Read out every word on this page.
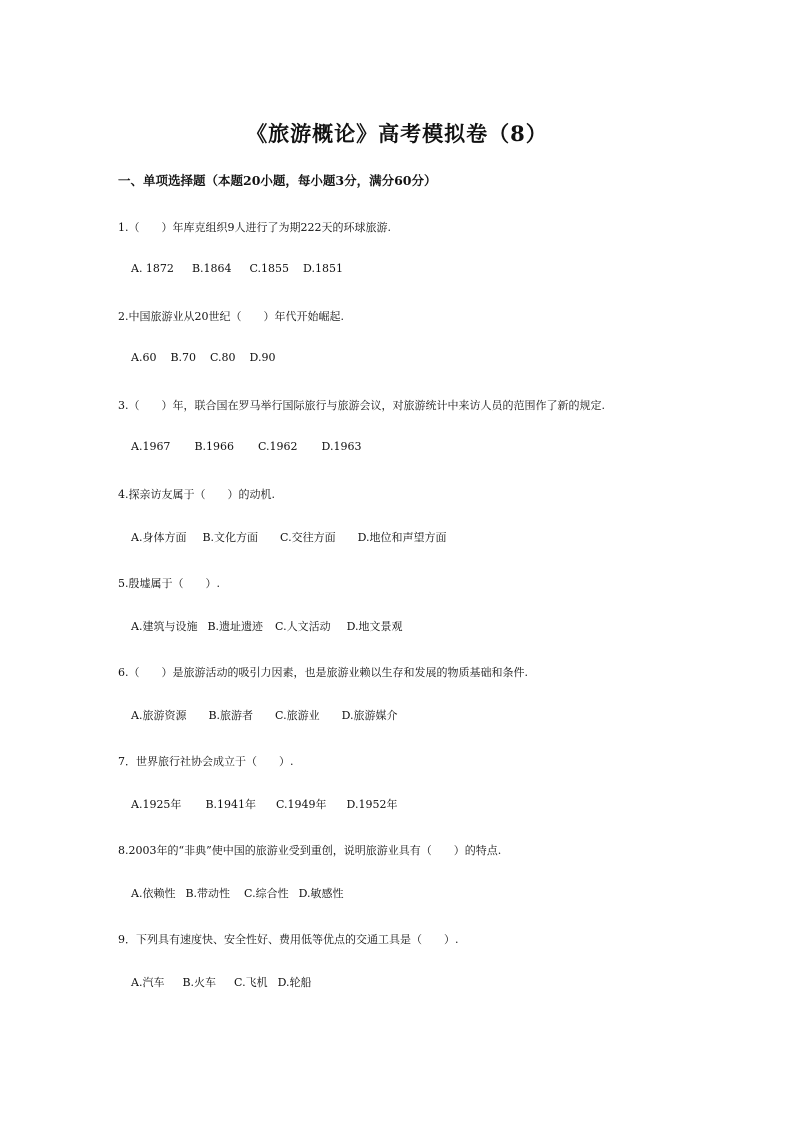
《旅游概论》高考模拟卷（8）
一、单项选择题（本题20小题，每小题3分，满分60分）
1.（　　）年库克组织9人进行了为期222天的环球旅游.
A. 1872 B.1864 C.1855 D.1851
2.中国旅游业从20世纪（　　）年代开始崛起.
A.60 B.70 C.80 D.90
3.（　　）年，联合国在罗马举行国际旅行与旅游会议，对旅游统计中来访人员的范围作了新的规定.
A.1967 B.1966 C.1962 D.1963
4.探亲访友属于（　　）的动机.
A.身体方面 B.文化方面 C.交往方面 D.地位和声望方面
5.殷墟属于（　　）.
A.建筑与设施 B.遗址遗迹 C.人文活动 D.地文景观
6.（　　）是旅游活动的吸引力因素，也是旅游业赖以生存和发展的物质基础和条件.
A.旅游资源 B.旅游者 C.旅游业 D.旅游媒介
7．世界旅行社协会成立于（　　）.
A.1925年 B.1941年 C.1949年 D.1952年
8.2003年的“非典”使中国的旅游业受到重创，说明旅游业具有（　　）的特点.
A.依赖性 B.带动性 C.综合性 D.敏感性
9．下列具有速度快、安全性好、费用低等优点的交通工具是（　　）.
A.汽车 B.火车 C.飞机 D.轮船
